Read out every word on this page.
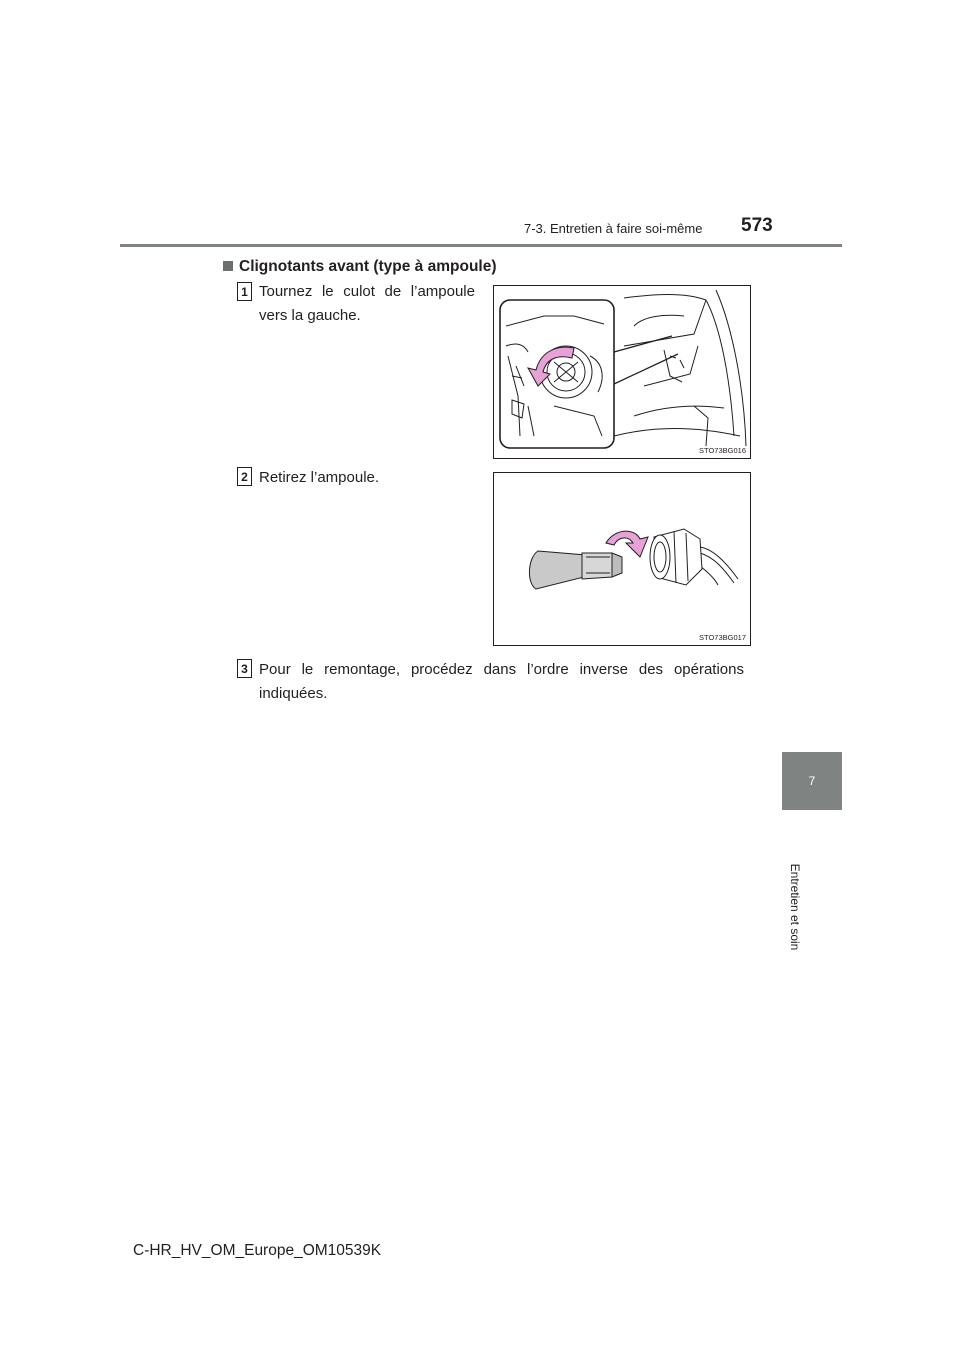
7-3. Entretien à faire soi-même 573
7
Entretien et soin
Clignotants avant (type à ampoule)
1 Tournez le culot de l’ampoule vers la gauche.
STO73BG016
2 Retirez l’ampoule.
STO73BG017
3 Pour le remontage, procédez dans l’ordre inverse des opérations indiquées.
C-HR_HV_OM_Europe_OM10539K
